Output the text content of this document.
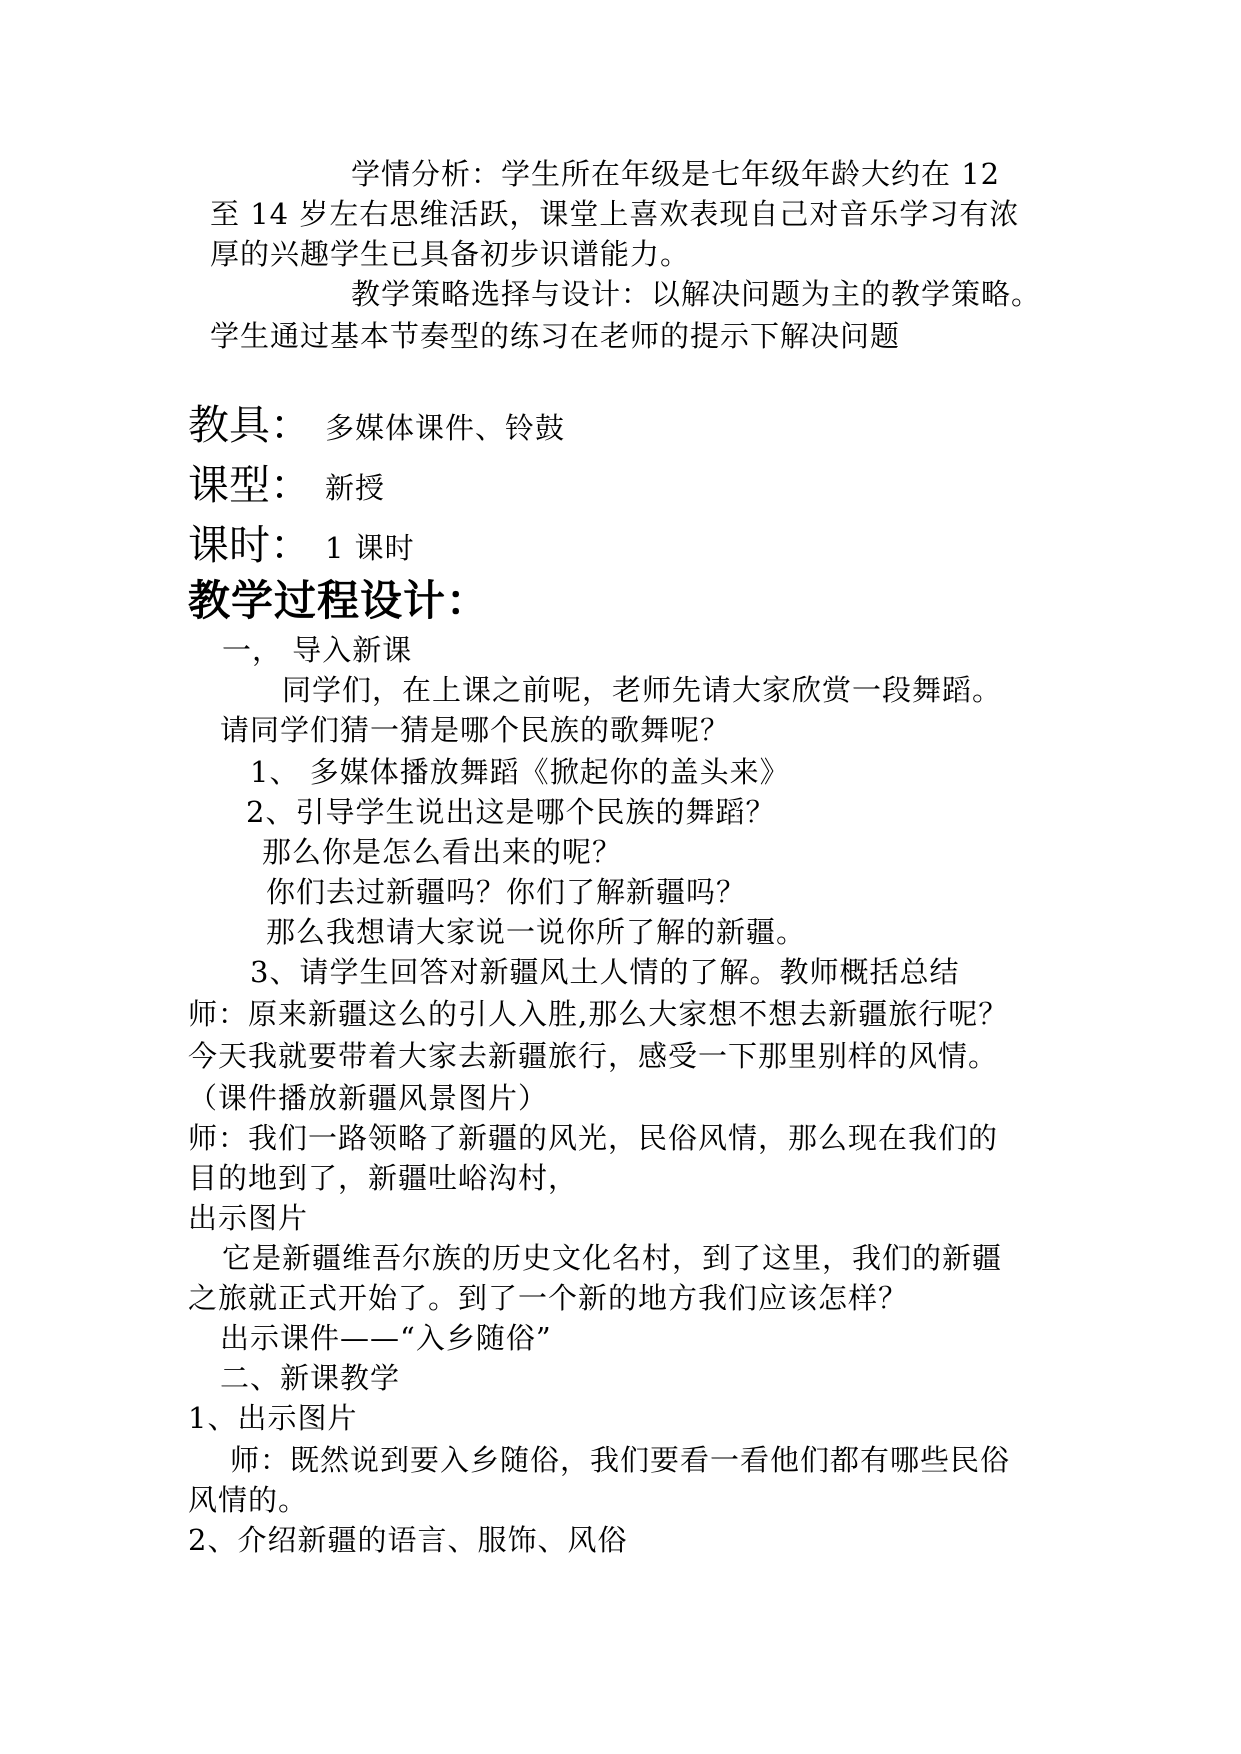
学情分析：学生所在年级是七年级年龄大约在 12
至 14 岁左右思维活跃，课堂上喜欢表现自己对音乐学习有浓
厚的兴趣学生已具备初步识谱能力。
教学策略选择与设计：以解决问题为主的教学策略。
学生通过基本节奏型的练习在老师的提示下解决问题
教具： 多媒体课件、铃鼓
课型： 新授
课时： 1 课时
教学过程设计：
一， 导入新课
同学们，在上课之前呢，老师先请大家欣赏一段舞蹈。
请同学们猜一猜是哪个民族的歌舞呢？
1、 多媒体播放舞蹈《掀起你的盖头来》
2、引导学生说出这是哪个民族的舞蹈？
那么你是怎么看出来的呢？
你们去过新疆吗？你们了解新疆吗？
那么我想请大家说一说你所了解的新疆。
3、请学生回答对新疆风土人情的了解。教师概括总结
师：原来新疆这么的引人入胜,那么大家想不想去新疆旅行呢？
今天我就要带着大家去新疆旅行，感受一下那里别样的风情。
（课件播放新疆风景图片）
师：我们一路领略了新疆的风光，民俗风情，那么现在我们的
目的地到了，新疆吐峪沟村，
出示图片
它是新疆维吾尔族的历史文化名村，到了这里，我们的新疆
之旅就正式开始了。到了一个新的地方我们应该怎样？
出示课件——“入乡随俗”
二、新课教学
1、出示图片
师：既然说到要入乡随俗，我们要看一看他们都有哪些民俗
风情的。
2、介绍新疆的语言、服饰、风俗
